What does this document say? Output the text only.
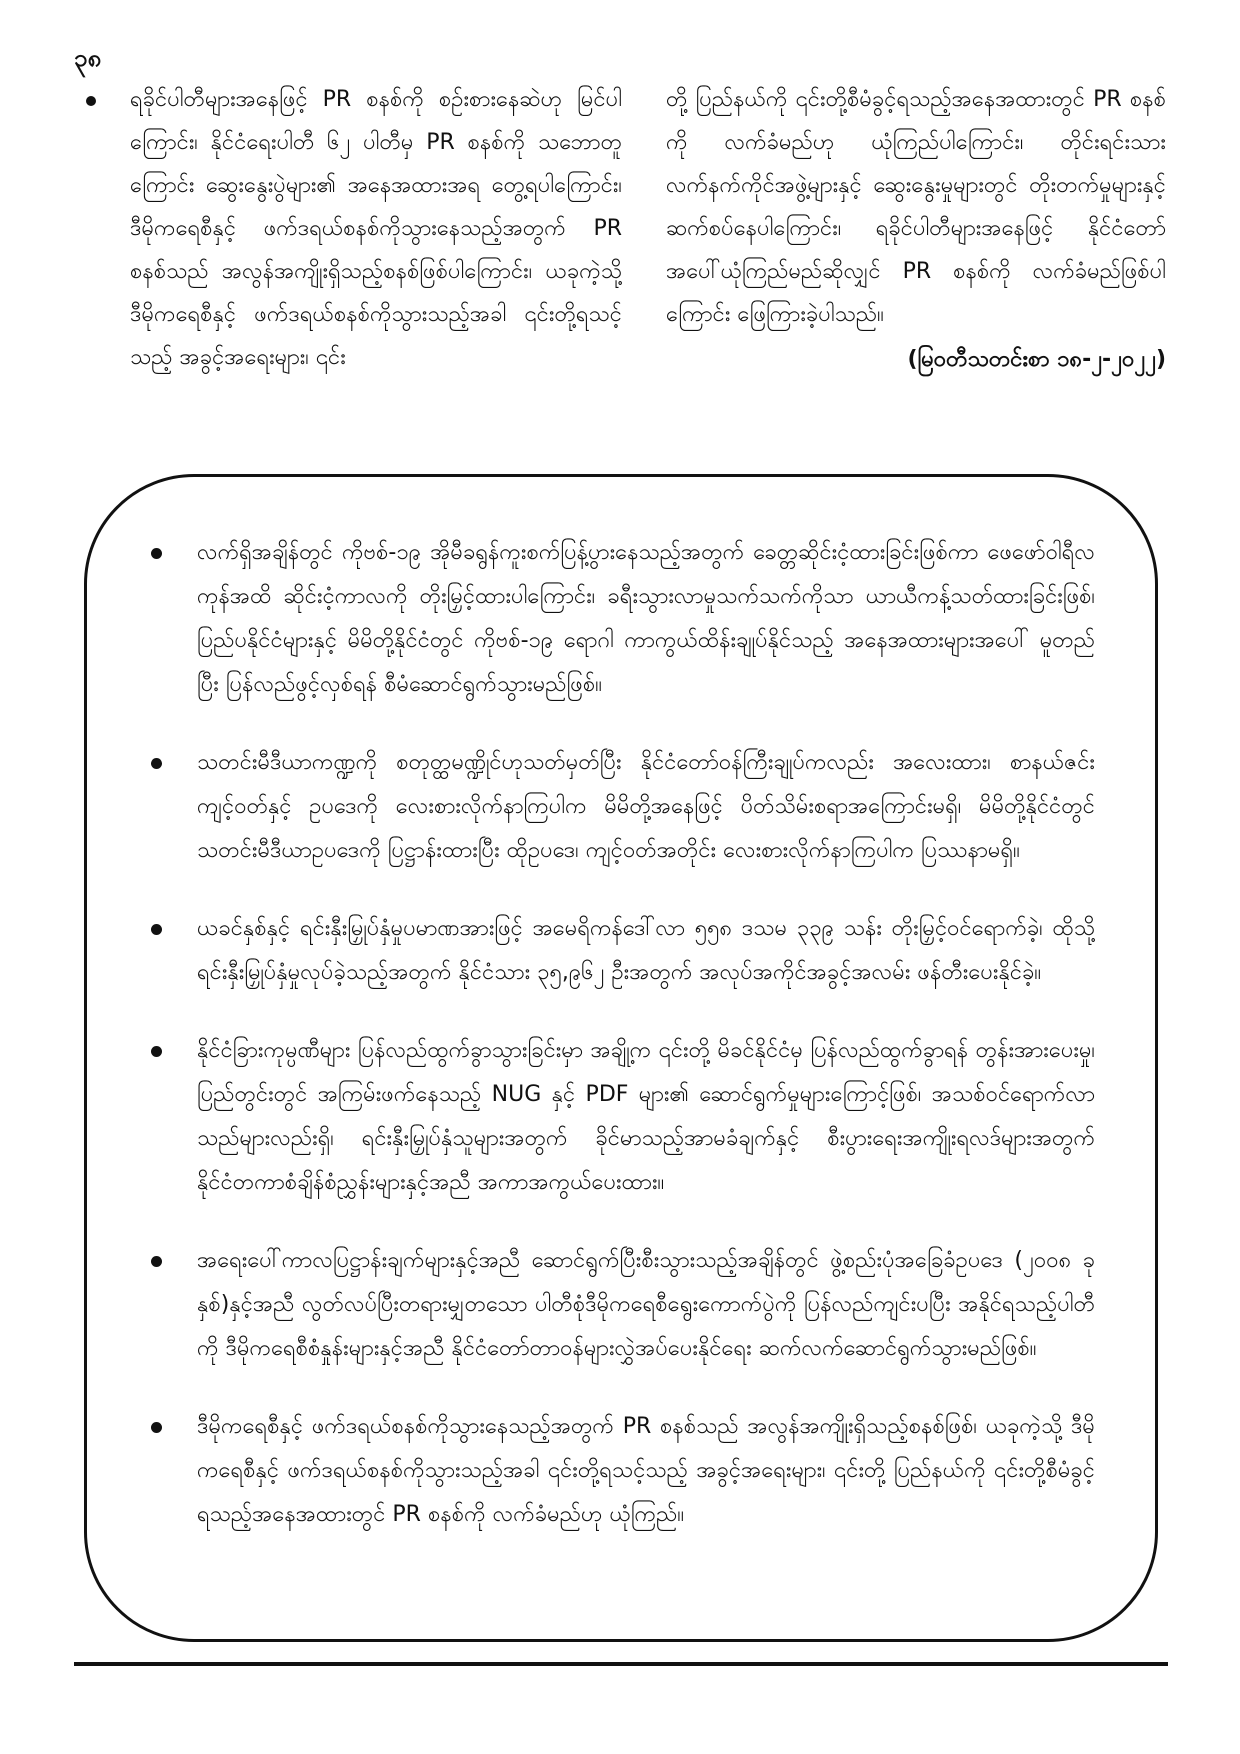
၃၈
ရခိုင်ပါတီများအနေဖြင့် PR စနစ်ကို စဉ်းစားနေဆဲဟု မြင်ပါကြောင်း၊ နိုင်ငံရေးပါတီ ၆၂ ပါတီမှ PR စနစ်ကို သဘောတူကြောင်း ဆွေးနွေးပွဲများ၏ အနေအထားအရ တွေ့ရပါကြောင်း၊ ဒီမိုကရေစီနှင့် ဖက်ဒရယ်စနစ်ကိုသွားနေသည့်အတွက် PR စနစ်သည် အလွန်အကျိုးရှိသည့်စနစ်ဖြစ်ပါကြောင်း၊ ယခုကဲ့သို့ ဒီမိုကရေစီနှင့် ဖက်ဒရယ်စနစ်ကိုသွားသည့်အခါ ၎င်းတို့ရသင့်သည့် အခွင့်အရေးများ၊ ၎င်း
တို့ ပြည်နယ်ကို ၎င်းတို့စီမံခွင့်ရသည့်အနေအထားတွင် PR စနစ်ကို လက်ခံမည်ဟု ယုံကြည်ပါကြောင်း၊ တိုင်းရင်းသားလက်နက်ကိုင်အဖွဲ့များနှင့် ဆွေးနွေးမှုများတွင် တိုးတက်မှုများနှင့် ဆက်စပ်နေပါကြောင်း၊ ရခိုင်ပါတီများအနေဖြင့် နိုင်ငံတော် အပေါ်ယုံကြည်မည်ဆိုလျှင် PR စနစ်ကို လက်ခံမည်ဖြစ်ပါကြောင်း ဖြေကြားခဲ့ပါသည်။
(မြဝတီသတင်းစာ ၁၈-၂-၂၀၂၂)
လက်ရှိအချိန်တွင် ကိုဗစ်-၁၉ အိုမီခရွန်ကူးစက်ပြန့်ပွားနေသည့်အတွက် ခေတ္တဆိုင်းငံ့ထားခြင်းဖြစ်ကာ ဖေဖော်ဝါရီလကုန်အထိ ဆိုင်းငံ့ကာလကို တိုးမြှင့်ထားပါကြောင်း၊ ခရီးသွားလာမှုသက်သက်ကိုသာ ယာယီကန့်သတ်ထားခြင်းဖြစ်၊ ပြည်ပနိုင်ငံများနှင့် မိမိတို့နိုင်ငံတွင် ကိုဗစ်-၁၉ ရောဂါ ကာကွယ်ထိန်းချုပ်နိုင်သည့် အနေအထားများအပေါ် မူတည်ပြီး ပြန်လည်ဖွင့်လှစ်ရန် စီမံဆောင်ရွက်သွားမည်ဖြစ်။
သတင်းမီဒီယာကဏ္ဍကို စတုတ္ထမဏ္ဍိုင်ဟုသတ်မှတ်ပြီး နိုင်ငံတော်ဝန်ကြီးချုပ်ကလည်း အလေးထား၊ စာနယ်ဇင်းကျင့်ဝတ်နှင့် ဥပဒေကို လေးစားလိုက်နာကြပါက မိမိတို့အနေဖြင့် ပိတ်သိမ်းစရာအကြောင်းမရှိ၊ မိမိတို့နိုင်ငံတွင် သတင်းမီဒီယာဥပဒေကို ပြဋ္ဌာန်းထားပြီး ထိုဥပဒေ၊ ကျင့်ဝတ်အတိုင်း လေးစားလိုက်နာကြပါက ပြဿနာမရှိ။
ယခင်နှစ်နှင့် ရင်းနှီးမြှုပ်နှံမှုပမာဏအားဖြင့် အမေရိကန်ဒေါ်လာ ၅၅၈ ဒသမ ၃၃၉ သန်း တိုးမြှင့်ဝင်ရောက်ခဲ့၊ ထိုသို့ ရင်းနှီးမြှုပ်နှံမှုလုပ်ခဲ့သည့်အတွက် နိုင်ငံသား ၃၅,၉၆၂ ဦးအတွက် အလုပ်အကိုင်အခွင့်အလမ်း ဖန်တီးပေးနိုင်ခဲ့။
နိုင်ငံခြားကုမ္ပဏီများ ပြန်လည်ထွက်ခွာသွားခြင်းမှာ အချို့က ၎င်းတို့ မိခင်နိုင်ငံမှ ပြန်လည်ထွက်ခွာရန် တွန်းအားပေးမှု၊ ပြည်တွင်းတွင် အကြမ်းဖက်နေသည့် NUG နှင့် PDF များ၏ ဆောင်ရွက်မှုများကြောင့်ဖြစ်၊ အသစ်ဝင်ရောက်လာသည်များလည်းရှိ၊ ရင်းနှီးမြှုပ်နှံသူများအတွက် ခိုင်မာသည့်အာမခံချက်နှင့် စီးပွားရေးအကျိုးရလဒ်များအတွက် နိုင်ငံတကာစံချိန်စံညွှန်းများနှင့်အညီ အကာအကွယ်ပေးထား။
အရေးပေါ်ကာလပြဋ္ဌာန်းချက်များနှင့်အညီ ဆောင်ရွက်ပြီးစီးသွားသည့်အချိန်တွင် ဖွဲ့စည်းပုံအခြေခံဥပဒေ (၂၀၀၈ ခုနှစ်)နှင့်အညီ လွတ်လပ်ပြီးတရားမျှတသော ပါတီစုံဒီမိုကရေစီရွေးကောက်ပွဲကို ပြန်လည်ကျင်းပပြီး အနိုင်ရသည့်ပါတီကို ဒီမိုကရေစီစံနှုန်းများနှင့်အညီ နိုင်ငံတော်တာဝန်များလွှဲအပ်ပေးနိုင်ရေး ဆက်လက်ဆောင်ရွက်သွားမည်ဖြစ်။
ဒီမိုကရေစီနှင့် ဖက်ဒရယ်စနစ်ကိုသွားနေသည့်အတွက် PR စနစ်သည် အလွန်အကျိုးရှိသည့်စနစ်ဖြစ်၊ ယခုကဲ့သို့ ဒီမိုကရေစီနှင့် ဖက်ဒရယ်စနစ်ကိုသွားသည့်အခါ ၎င်းတို့ရသင့်သည့် အခွင့်အရေးများ၊ ၎င်းတို့ ပြည်နယ်ကို ၎င်းတို့စီမံခွင့်ရသည့်အနေအထားတွင် PR စနစ်ကို လက်ခံမည်ဟု ယုံကြည်။
